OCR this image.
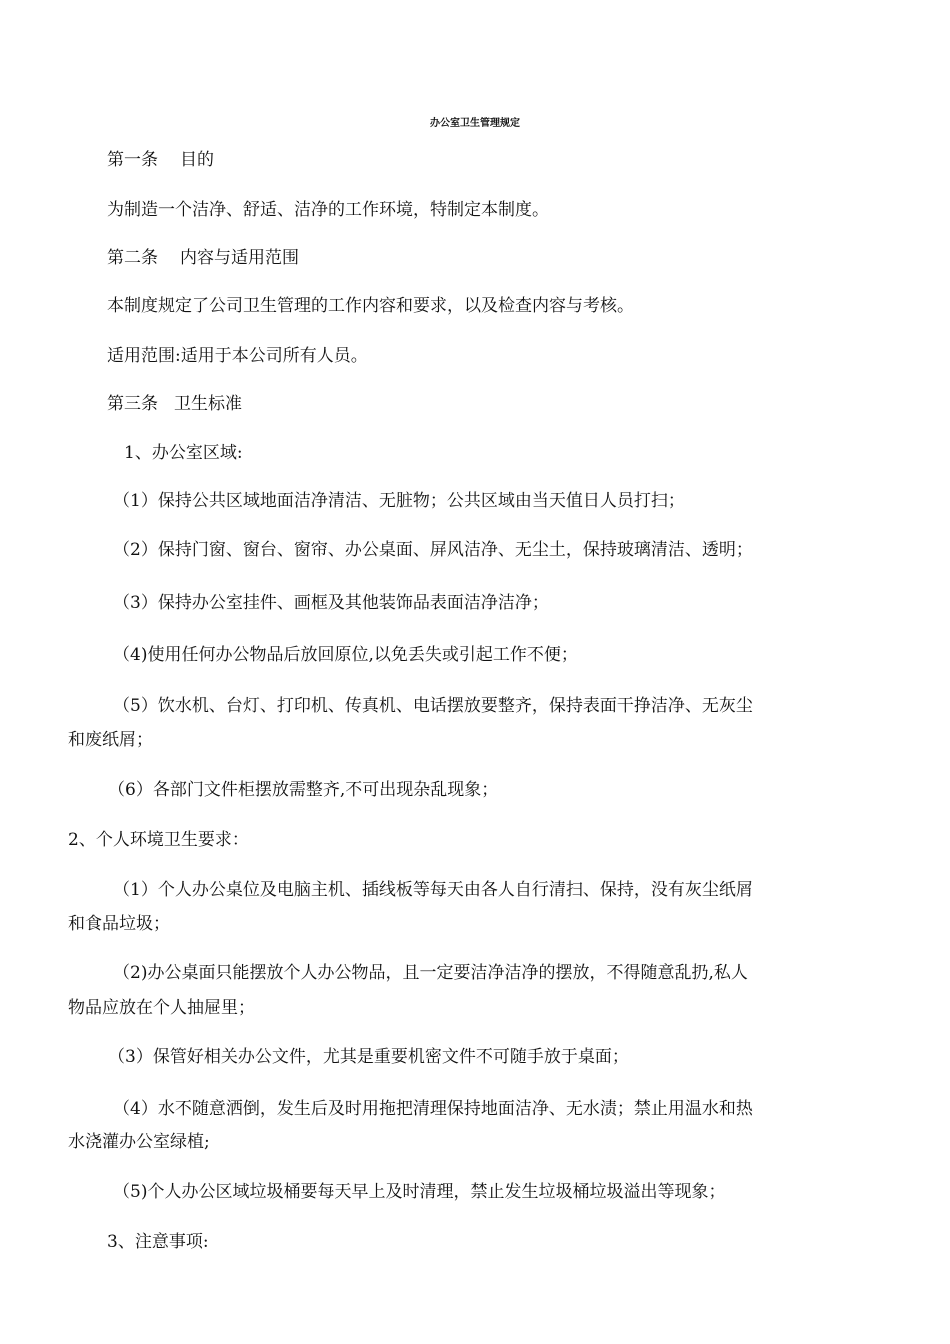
办公室卫生管理规定
第一条 目的
为制造一个洁净、舒适、洁净的工作环境，特制定本制度。
第二条 内容与适用范围
本制度规定了公司卫生管理的工作内容和要求，以及检查内容与考核。
适用范围:适用于本公司所有人员。
第三条 卫生标准
1、办公室区域:
（1）保持公共区域地面洁净清洁、无脏物；公共区域由当天值日人员打扫；
（2）保持门窗、窗台、窗帘、办公桌面、屏风洁净、无尘土，保持玻璃清洁、透明；
（3）保持办公室挂件、画框及其他装饰品表面洁净洁净；
（4)使用任何办公物品后放回原位,以免丢失或引起工作不便；
（5）饮水机、台灯、打印机、传真机、电话摆放要整齐，保持表面干挣洁净、无灰尘
和废纸屑；
（6）各部门文件柜摆放需整齐,不可出现杂乱现象；
2、个人环境卫生要求：
（1）个人办公桌位及电脑主机、插线板等每天由各人自行清扫、保持，没有灰尘纸屑
和食品垃圾；
（2)办公桌面只能摆放个人办公物品，且一定要洁净洁净的摆放，不得随意乱扔,私人
物品应放在个人抽屉里；
（3）保管好相关办公文件，尤其是重要机密文件不可随手放于桌面；
（4）水不随意洒倒，发生后及时用拖把清理保持地面洁净、无水渍；禁止用温水和热
水浇灌办公室绿植;
（5)个人办公区域垃圾桶要每天早上及时清理，禁止发生垃圾桶垃圾溢出等现象；
3、注意事项:
